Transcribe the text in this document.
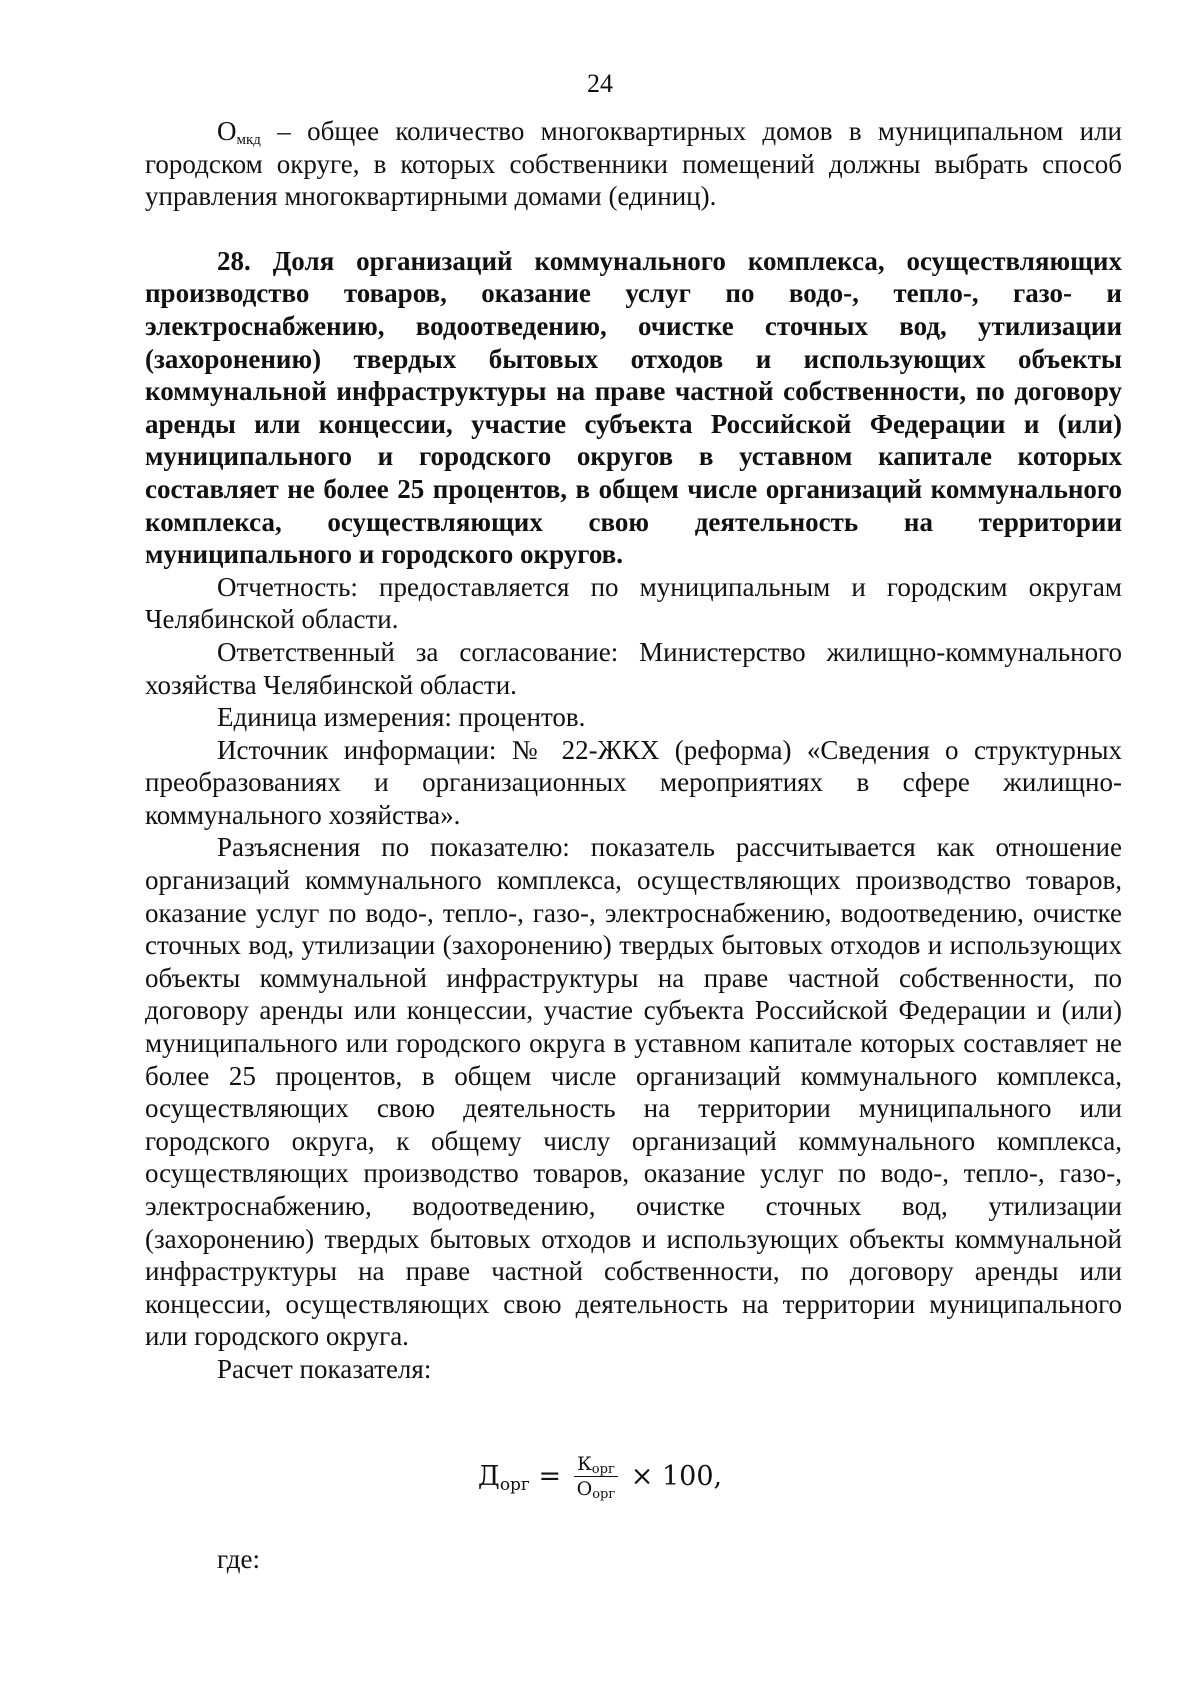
24

$О_{мкд}$ – общее количество многоквартирных домов в муниципальном или городском округе, в которых собственники помещений должны выбрать способ управления многоквартирными домами (единиц).

28. Доля организаций коммунального комплекса, осуществляющих производство товаров, оказание услуг по водо-, тепло-, газо- и электроснабжению, водоотведению, очистке сточных вод, утилизации (захоронению) твердых бытовых отходов и использующих объекты коммунальной инфраструктуры на праве частной собственности, по договору аренды или концессии, участие субъекта Российской Федерации и (или) муниципального и городского округов в уставном капитале которых составляет не более 25 процентов, в общем числе организаций коммунального комплекса, осуществляющих свою деятельность на территории муниципального и городского округов.

Отчетность: предоставляется по муниципальным и городским округам Челябинской области.

Ответственный за согласование: Министерство жилищно-коммунального хозяйства Челябинской области.

Единица измерения: процентов.

Источник информации: № 22-ЖКХ (реформа) «Сведения о структурных преобразованиях и организационных мероприятиях в сфере жилищно-коммунального хозяйства».

Разъяснения по показателю: показатель рассчитывается как отношение организаций коммунального комплекса, осуществляющих производство товаров, оказание услуг по водо-, тепло-, газо-, электроснабжению, водоотведению, очистке сточных вод, утилизации (захоронению) твердых бытовых отходов и использующих объекты коммунальной инфраструктуры на праве частной собственности, по договору аренды или концессии, участие субъекта Российской Федерации и (или) муниципального или городского округа в уставном капитале которых составляет не более 25 процентов, в общем числе организаций коммунального комплекса, осуществляющих свою деятельность на территории муниципального или городского округа, к общему числу организаций коммунального комплекса, осуществляющих производство товаров, оказание услуг по водо-, тепло-, газо-, электроснабжению, водоотведению, очистке сточных вод, утилизации (захоронению) твердых бытовых отходов и использующих объекты коммунальной инфраструктуры на праве частной собственности, по договору аренды или концессии, осуществляющих свою деятельность на территории муниципального или городского округа.

Расчет показателя:

$Д_{орг} = \frac{К_{орг}}{О_{орг}} \times 100$,
где:
